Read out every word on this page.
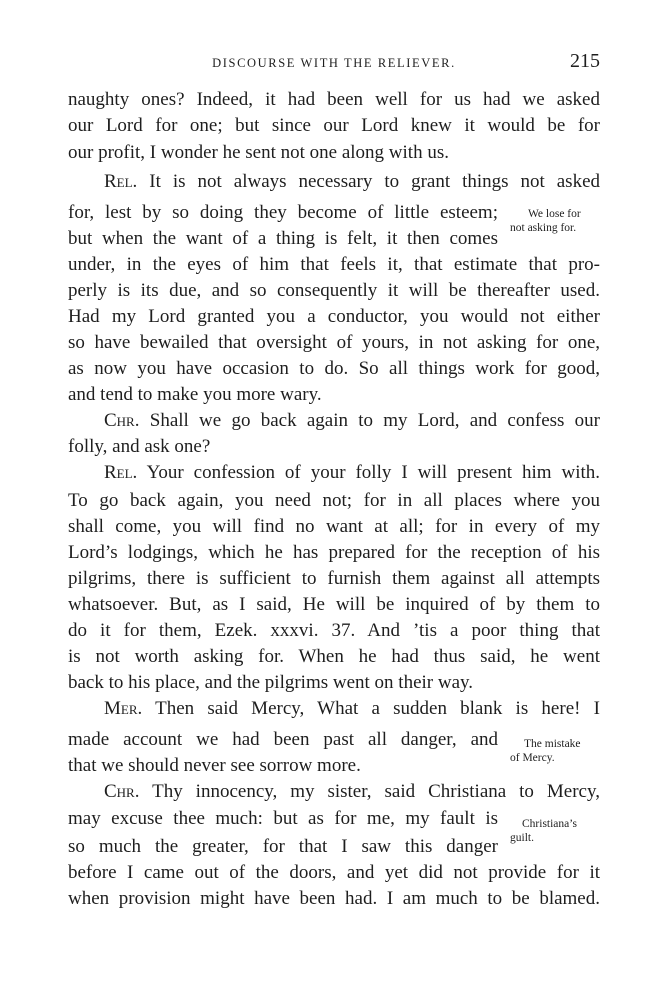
DISCOURSE WITH THE RELIEVER.	215
naughty ones? Indeed, it had been well for us had we asked
our Lord for one; but since our Lord knew it would be for
our profit, I wonder he sent not one along with us.
Rel. It is not always necessary to grant things not asked
for, lest by so doing they become of little esteem;
but when the want of a thing is felt, it then comes
under, in the eyes of him that feels it, that estimate that pro-
perly is its due, and so consequently it will be thereafter used.
Had my Lord granted you a conductor, you would not either
so have bewailed that oversight of yours, in not asking for one,
as now you have occasion to do. So all things work for good,
and tend to make you more wary.
Chr. Shall we go back again to my Lord, and confess our
folly, and ask one?
Rel. Your confession of your folly I will present him with.
To go back again, you need not; for in all places where you
shall come, you will find no want at all; for in every of my
Lord’s lodgings, which he has prepared for the reception of his
pilgrims, there is sufficient to furnish them against all attempts
whatsoever. But, as I said, He will be inquired of by them to
do it for them, Ezek. xxxvi. 37. And ’tis a poor thing that
is not worth asking for. When he had thus said, he went
back to his place, and the pilgrims went on their way.
Mer. Then said Mercy, What a sudden blank is here! I
made account we had been past all danger, and
that we should never see sorrow more.
Chr. Thy innocency, my sister, said Christiana to Mercy,
may excuse thee much: but as for me, my fault is
so much the greater, for that I saw this danger
before I came out of the doors, and yet did not provide for it
when provision might have been had. I am much to be blamed.
We lose for
not asking for.
The mistake
of Mercy.
Christiana’s
guilt.
